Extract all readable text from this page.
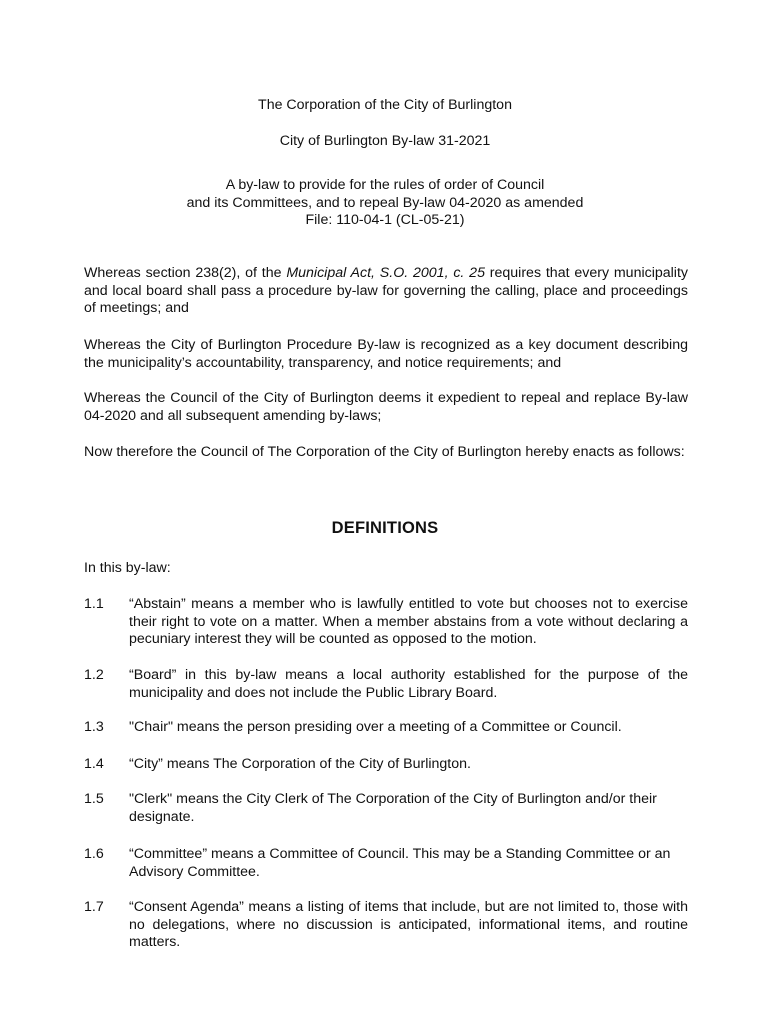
The Corporation of the City of Burlington
City of Burlington By-law 31-2021
A by-law to provide for the rules of order of Council
and its Committees, and to repeal By-law 04-2020 as amended
File: 110-04-1 (CL-05-21)
Whereas section 238(2), of the Municipal Act, S.O. 2001, c. 25 requires that every municipality and local board shall pass a procedure by-law for governing the calling, place and proceedings of meetings; and
Whereas the City of Burlington Procedure By-law is recognized as a key document describing the municipality’s accountability, transparency, and notice requirements; and
Whereas the Council of the City of Burlington deems it expedient to repeal and replace By-law 04-2020 and all subsequent amending by-laws;
Now therefore the Council of The Corporation of the City of Burlington hereby enacts as follows:
DEFINITIONS
In this by-law:
1.1	“Abstain” means a member who is lawfully entitled to vote but chooses not to exercise their right to vote on a matter. When a member abstains from a vote without declaring a pecuniary interest they will be counted as opposed to the motion.
1.2	“Board” in this by-law means a local authority established for the purpose of the municipality and does not include the Public Library Board.
1.3	"Chair" means the person presiding over a meeting of a Committee or Council.
1.4	“City” means The Corporation of the City of Burlington.
1.5	"Clerk" means the City Clerk of The Corporation of the City of Burlington and/or their designate.
1.6	“Committee” means a Committee of Council. This may be a Standing Committee or an Advisory Committee.
1.7	“Consent Agenda” means a listing of items that include, but are not limited to, those with no delegations, where no discussion is anticipated, informational items, and routine matters.
